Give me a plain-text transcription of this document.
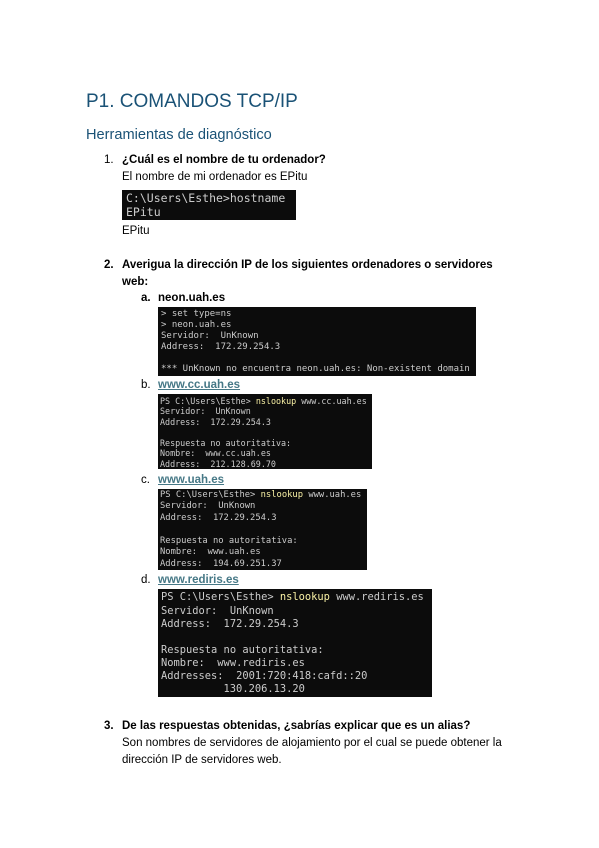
P1. COMANDOS TCP/IP
Herramientas de diagnóstico
1. ¿Cuál es el nombre de tu ordenador?
El nombre de mi ordenador es EPitu
C:\Users\Esthe>hostname
EPitu
EPitu
2. Averigua la dirección IP de los siguientes ordenadores o servidores web:
a. neon.uah.es
> set type=ns
> neon.uah.es
Servidor:  UnKnown
Address:  172.29.254.3
*** UnKnown no encuentra neon.uah.es: Non-existent domain
b. www.cc.uah.es
PS C:\Users\Esthe> nslookup www.cc.uah.es
Servidor:  UnKnown
Address:  172.29.254.3
Respuesta no autoritativa:
Nombre:  www.cc.uah.es
Address:  212.128.69.70
c. www.uah.es
PS C:\Users\Esthe> nslookup www.uah.es
Servidor:  UnKnown
Address:  172.29.254.3
Respuesta no autoritativa:
Nombre:  www.uah.es
Address:  194.69.251.37
d. www.rediris.es
PS C:\Users\Esthe> nslookup www.rediris.es
Servidor:  UnKnown
Address:  172.29.254.3
Respuesta no autoritativa:
Nombre:  www.rediris.es
Addresses:  2001:720:418:cafd::20
130.206.13.20
3. De las respuestas obtenidas, ¿sabrías explicar que es un alias?
Son nombres de servidores de alojamiento por el cual se puede obtener la dirección IP de servidores web.
